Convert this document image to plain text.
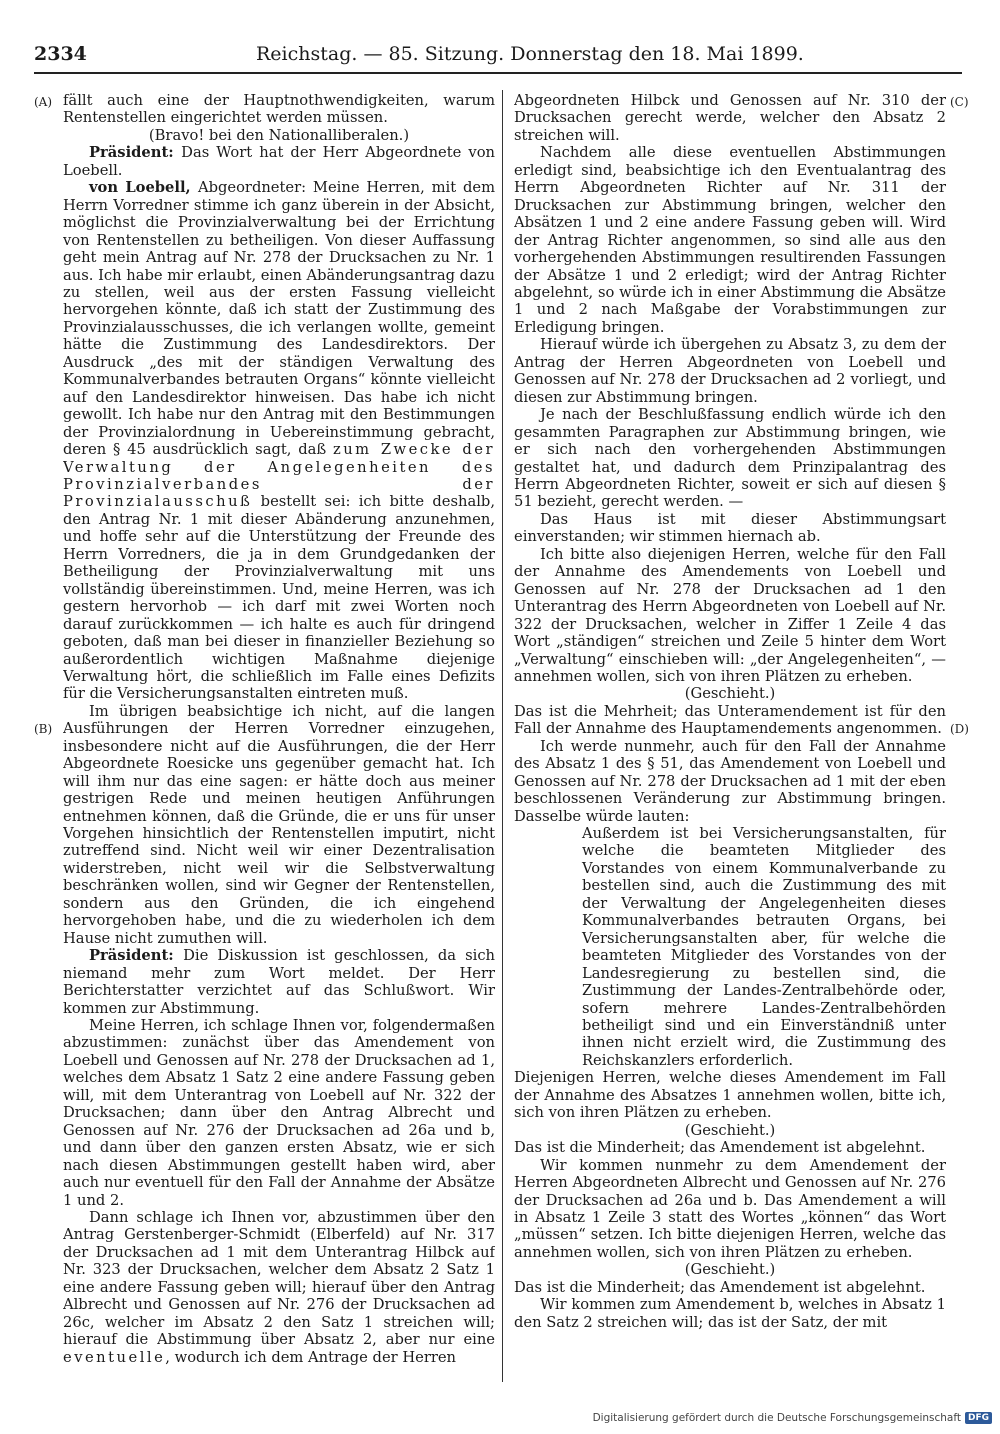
2334	Reichstag. — 85. Sitzung. Donnerstag den 18. Mai 1899.
(A)
(B)
(C)
(D)

fällt auch eine der Hauptnothwendigkeiten, warum Rentenstellen eingerichtet werden müssen.

(Bravo! bei den Nationalliberalen.)

Präsident: Das Wort hat der Herr Abgeordnete von Loebell.

von Loebell, Abgeordneter: Meine Herren, mit dem Herrn Vorredner stimme ich ganz überein in der Absicht, möglichst die Provinzialverwaltung bei der Errichtung von Rentenstellen zu betheiligen. Von dieser Auffassung geht mein Antrag auf Nr. 278 der Drucksachen zu Nr. 1 aus. Ich habe mir erlaubt, einen Abänderungsantrag dazu zu stellen, weil aus der ersten Fassung vielleicht hervorgehen könnte, daß ich statt der Zustimmung des Provinzialausschusses, die ich verlangen wollte, gemeint hätte die Zustimmung des Landesdirektors. Der Ausdruck „des mit der ständigen Verwaltung des Kommunalverbandes betrauten Organs“ könnte vielleicht auf den Landesdirektor hinweisen. Das habe ich nicht gewollt. Ich habe nur den Antrag mit den Bestimmungen der Provinzialordnung in Uebereinstimmung gebracht, deren § 45 ausdrücklich sagt, daß zum Zwecke der Verwaltung der Angelegenheiten des Provinzialverbandes der Provinzialausschuß bestellt sei: ich bitte deshalb, den Antrag Nr. 1 mit dieser Abänderung anzunehmen, und hoffe sehr auf die Unterstützung der Freunde des Herrn Vorredners, die ja in dem Grundgedanken der Betheiligung der Provinzialverwaltung mit uns vollständig übereinstimmen. Und, meine Herren, was ich gestern hervorhob — ich darf mit zwei Worten noch darauf zurückkommen — ich halte es auch für dringend geboten, daß man bei dieser in finanzieller Beziehung so außerordentlich wichtigen Maßnahme diejenige Verwaltung hört, die schließlich im Falle eines Defizits für die Versicherungsanstalten eintreten muß.

Im übrigen beabsichtige ich nicht, auf die langen Ausführungen der Herren Vorredner einzugehen, insbesondere nicht auf die Ausführungen, die der Herr Abgeordnete Roesicke uns gegenüber gemacht hat. Ich will ihm nur das eine sagen: er hätte doch aus meiner gestrigen Rede und meinen heutigen Anführungen entnehmen können, daß die Gründe, die er uns für unser Vorgehen hinsichtlich der Rentenstellen imputirt, nicht zutreffend sind. Nicht weil wir einer Dezentralisation widerstreben, nicht weil wir die Selbstverwaltung beschränken wollen, sind wir Gegner der Rentenstellen, sondern aus den Gründen, die ich eingehend hervorgehoben habe, und die zu wiederholen ich dem Hause nicht zumuthen will.

Präsident: Die Diskussion ist geschlossen, da sich niemand mehr zum Wort meldet. Der Herr Berichterstatter verzichtet auf das Schlußwort. Wir kommen zur Abstimmung.

Meine Herren, ich schlage Ihnen vor, folgendermaßen abzustimmen: zunächst über das Amendement von Loebell und Genossen auf Nr. 278 der Drucksachen ad 1, welches dem Absatz 1 Satz 2 eine andere Fassung geben will, mit dem Unterantrag von Loebell auf Nr. 322 der Drucksachen; dann über den Antrag Albrecht und Genossen auf Nr. 276 der Drucksachen ad 26a und b, und dann über den ganzen ersten Absatz, wie er sich nach diesen Abstimmungen gestellt haben wird, aber auch nur eventuell für den Fall der Annahme der Absätze 1 und 2.

Dann schlage ich Ihnen vor, abzustimmen über den Antrag Gerstenberger-Schmidt (Elberfeld) auf Nr. 317 der Drucksachen ad 1 mit dem Unterantrag Hilbck auf Nr. 323 der Drucksachen, welcher dem Absatz 2 Satz 1 eine andere Fassung geben will; hierauf über den Antrag Albrecht und Genossen auf Nr. 276 der Drucksachen ad 26c, welcher im Absatz 2 den Satz 1 streichen will; hierauf die Abstimmung über Absatz 2, aber nur eine eventuelle, wodurch ich dem Antrage der Herren

Abgeordneten Hilbck und Genossen auf Nr. 310 der Drucksachen gerecht werde, welcher den Absatz 2 streichen will.

Nachdem alle diese eventuellen Abstimmungen erledigt sind, beabsichtige ich den Eventualantrag des Herrn Abgeordneten Richter auf Nr. 311 der Drucksachen zur Abstimmung bringen, welcher den Absätzen 1 und 2 eine andere Fassung geben will. Wird der Antrag Richter angenommen, so sind alle aus den vorhergehenden Abstimmungen resultirenden Fassungen der Absätze 1 und 2 erledigt; wird der Antrag Richter abgelehnt, so würde ich in einer Abstimmung die Absätze 1 und 2 nach Maßgabe der Vorabstimmungen zur Erledigung bringen.

Hierauf würde ich übergehen zu Absatz 3, zu dem der Antrag der Herren Abgeordneten von Loebell und Genossen auf Nr. 278 der Drucksachen ad 2 vorliegt, und diesen zur Abstimmung bringen.

Je nach der Beschlußfassung endlich würde ich den gesammten Paragraphen zur Abstimmung bringen, wie er sich nach den vorhergehenden Abstimmungen gestaltet hat, und dadurch dem Prinzipalantrag des Herrn Abgeordneten Richter, soweit er sich auf diesen § 51 bezieht, gerecht werden. —

Das Haus ist mit dieser Abstimmungsart einverstanden; wir stimmen hiernach ab.

Ich bitte also diejenigen Herren, welche für den Fall der Annahme des Amendements von Loebell und Genossen auf Nr. 278 der Drucksachen ad 1 den Unterantrag des Herrn Abgeordneten von Loebell auf Nr. 322 der Drucksachen, welcher in Ziffer 1 Zeile 4 das Wort „ständigen“ streichen und Zeile 5 hinter dem Wort „Verwaltung“ einschieben will: „der Angelegenheiten“, — annehmen wollen, sich von ihren Plätzen zu erheben.

(Geschieht.)

Das ist die Mehrheit; das Unteramendement ist für den Fall der Annahme des Hauptamendements angenommen.

Ich werde nunmehr, auch für den Fall der Annahme des Absatz 1 des § 51, das Amendement von Loebell und Genossen auf Nr. 278 der Drucksachen ad 1 mit der eben beschlossenen Veränderung zur Abstimmung bringen. Dasselbe würde lauten:

Außerdem ist bei Versicherungsanstalten, für welche die beamteten Mitglieder des Vorstandes von einem Kommunalverbande zu bestellen sind, auch die Zustimmung des mit der Verwaltung der Angelegenheiten dieses Kommunalverbandes betrauten Organs, bei Versicherungsanstalten aber, für welche die beamteten Mitglieder des Vorstandes von der Landesregierung zu bestellen sind, die Zustimmung der Landes-Zentralbehörde oder, sofern mehrere Landes-Zentralbehörden betheiligt sind und ein Einverständniß unter ihnen nicht erzielt wird, die Zustimmung des Reichskanzlers erforderlich.

Diejenigen Herren, welche dieses Amendement im Fall der Annahme des Absatzes 1 annehmen wollen, bitte ich, sich von ihren Plätzen zu erheben.

(Geschieht.)

Das ist die Minderheit; das Amendement ist abgelehnt.

Wir kommen nunmehr zu dem Amendement der Herren Abgeordneten Albrecht und Genossen auf Nr. 276 der Drucksachen ad 26a und b. Das Amendement a will in Absatz 1 Zeile 3 statt des Wortes „können“ das Wort „müssen“ setzen. Ich bitte diejenigen Herren, welche das annehmen wollen, sich von ihren Plätzen zu erheben.

(Geschieht.)

Das ist die Minderheit; das Amendement ist abgelehnt.

Wir kommen zum Amendement b, welches in Absatz 1 den Satz 2 streichen will; das ist der Satz, der mit

Digitalisierung gefördert durch die Deutsche Forschungsgemeinschaft DFG
